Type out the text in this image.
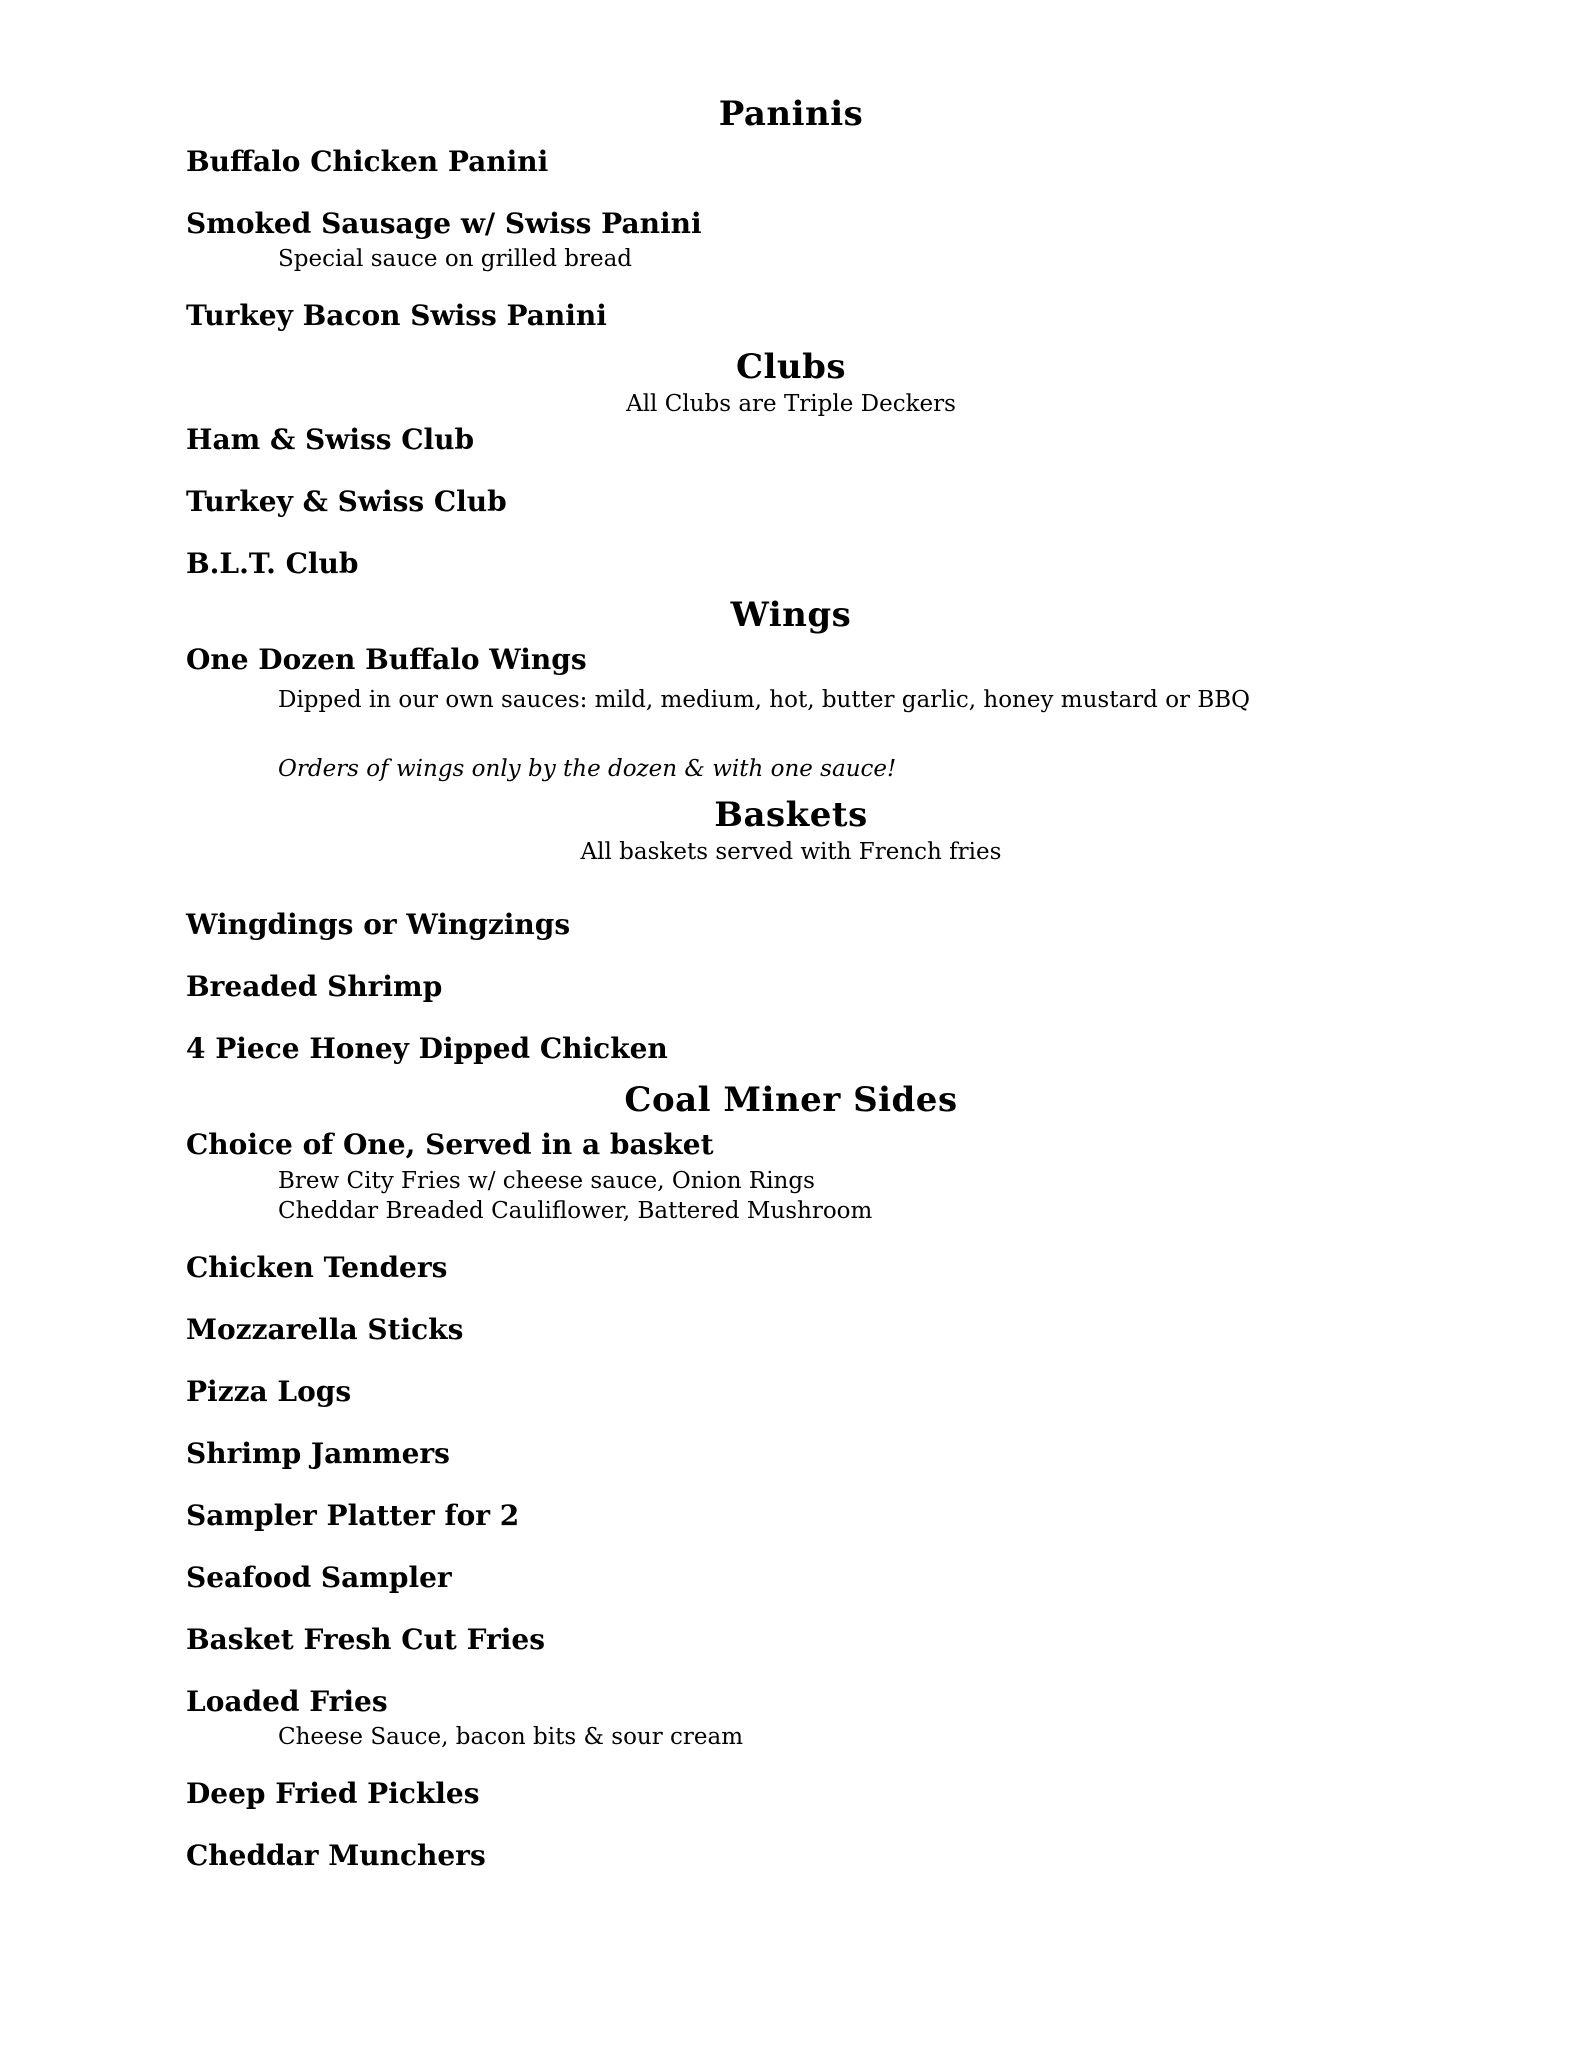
Paninis
Buffalo Chicken Panini
Smoked Sausage w/ Swiss Panini
Special sauce on grilled bread
Turkey Bacon Swiss Panini
Clubs
All Clubs are Triple Deckers
Ham & Swiss Club
Turkey & Swiss Club
B.L.T. Club
Wings
One Dozen Buffalo Wings
Dipped in our own sauces: mild, medium, hot, butter garlic, honey mustard or BBQ
Orders of wings only by the dozen & with one sauce!
Baskets
All baskets served with French fries
Wingdings or Wingzings
Breaded Shrimp
4 Piece Honey Dipped Chicken
Coal Miner Sides
Choice of One, Served in a basket
Brew City Fries w/ cheese sauce, Onion Rings
Cheddar Breaded Cauliflower, Battered Mushroom
Chicken Tenders
Mozzarella Sticks
Pizza Logs
Shrimp Jammers
Sampler Platter for 2
Seafood Sampler
Basket Fresh Cut Fries
Loaded Fries
Cheese Sauce, bacon bits & sour cream
Deep Fried Pickles
Cheddar Munchers
